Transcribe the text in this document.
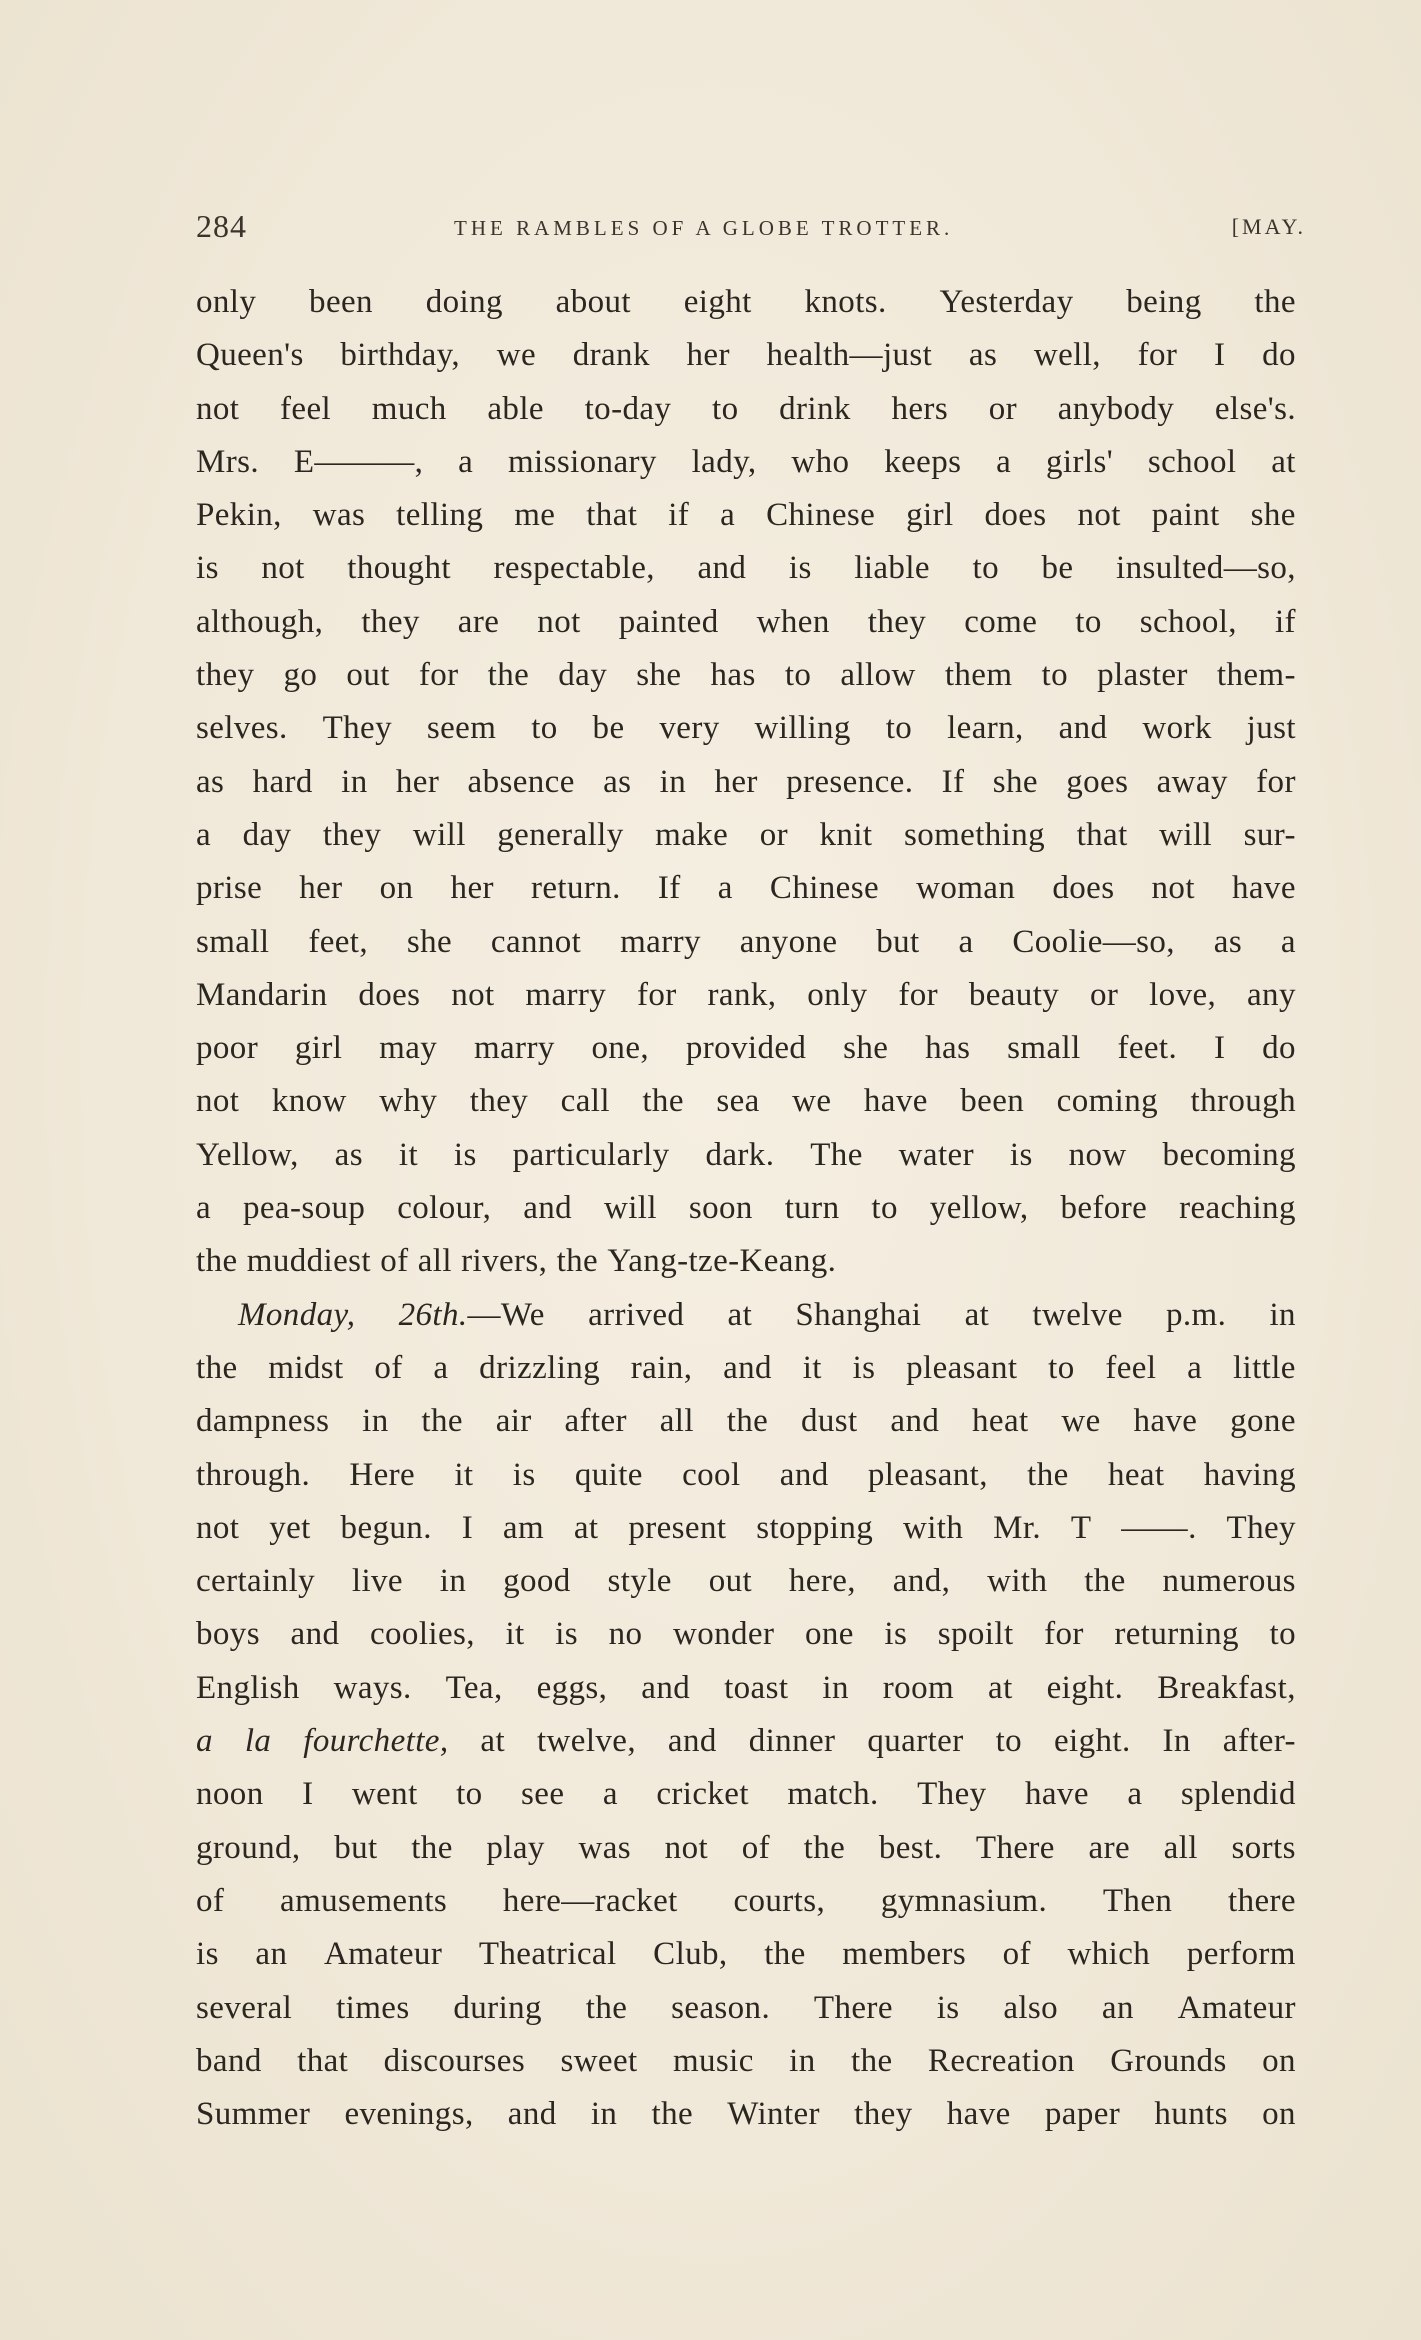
284	THE RAMBLES OF A GLOBE TROTTER.	[MAY.
only been doing about eight knots. Yesterday being the
Queen's birthday, we drank her health—just as well, for I do
not feel much able to-day to drink hers or anybody else's.
Mrs. E———, a missionary lady, who keeps a girls' school at
Pekin, was telling me that if a Chinese girl does not paint she
is not thought respectable, and is liable to be insulted—so,
although, they are not painted when they come to school, if
they go out for the day she has to allow them to plaster them-
selves. They seem to be very willing to learn, and work just
as hard in her absence as in her presence. If she goes away for
a day they will generally make or knit something that will sur-
prise her on her return. If a Chinese woman does not have
small feet, she cannot marry anyone but a Coolie—so, as a
Mandarin does not marry for rank, only for beauty or love, any
poor girl may marry one, provided she has small feet. I do
not know why they call the sea we have been coming through
Yellow, as it is particularly dark. The water is now becoming
a pea-soup colour, and will soon turn to yellow, before reaching
the muddiest of all rivers, the Yang-tze-Keang.
Monday, 26th.—We arrived at Shanghai at twelve p.m. in
the midst of a drizzling rain, and it is pleasant to feel a little
dampness in the air after all the dust and heat we have gone
through. Here it is quite cool and pleasant, the heat having
not yet begun. I am at present stopping with Mr. T ——. They
certainly live in good style out here, and, with the numerous
boys and coolies, it is no wonder one is spoilt for returning to
English ways. Tea, eggs, and toast in room at eight. Breakfast,
a la fourchette, at twelve, and dinner quarter to eight. In after-
noon I went to see a cricket match. They have a splendid
ground, but the play was not of the best. There are all sorts
of amusements here—racket courts, gymnasium. Then there
is an Amateur Theatrical Club, the members of which perform
several times during the season. There is also an Amateur
band that discourses sweet music in the Recreation Grounds on
Summer evenings, and in the Winter they have paper hunts on
